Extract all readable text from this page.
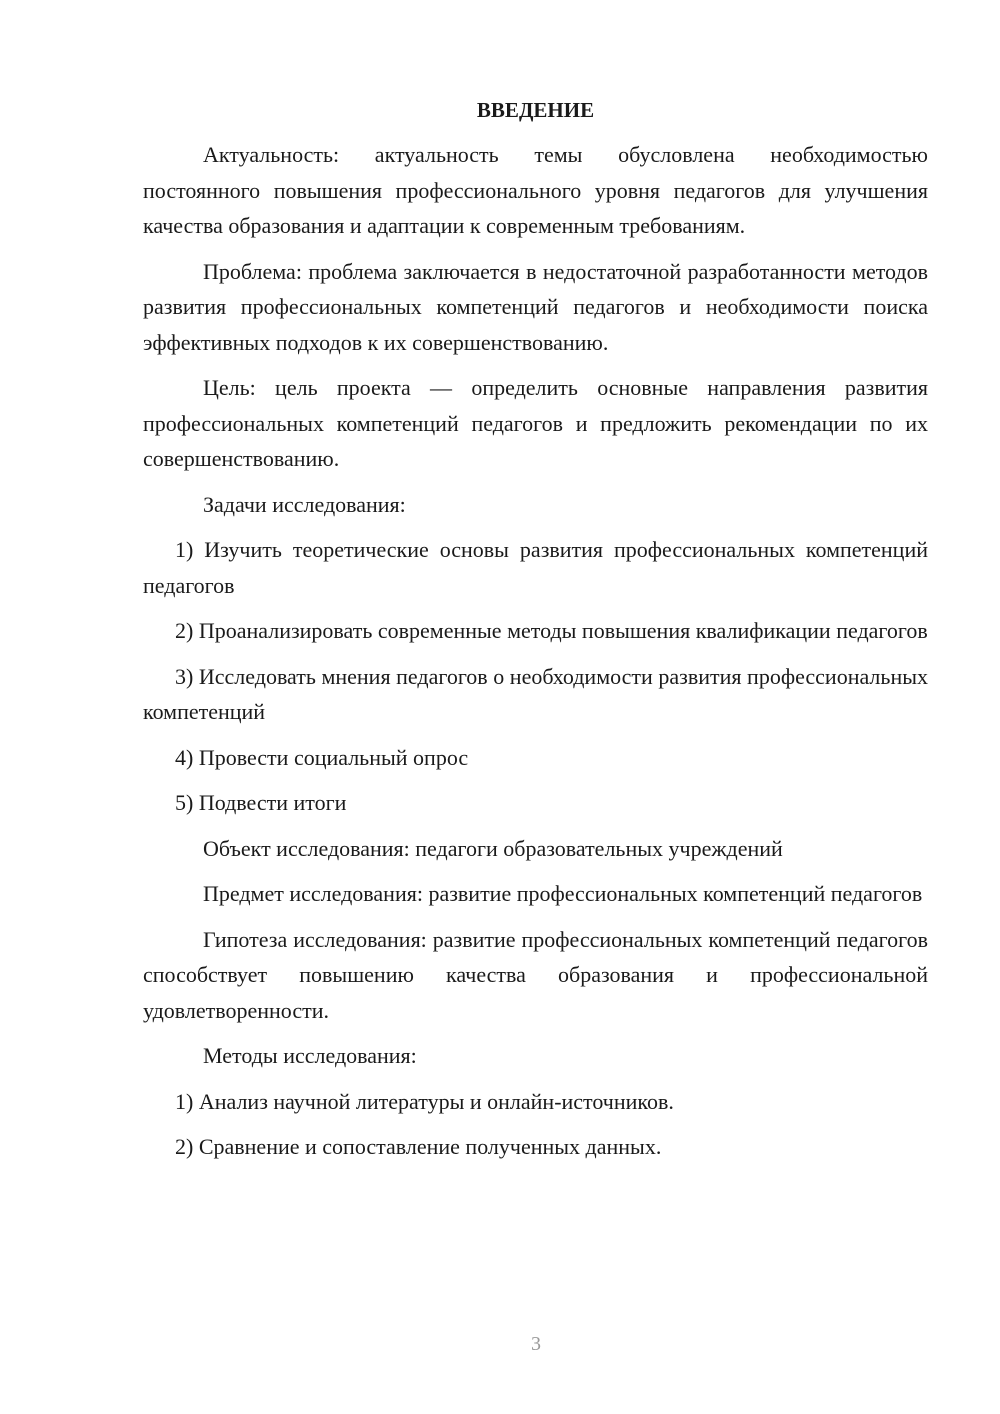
ВВЕДЕНИЕ

Актуальность: актуальность темы обусловлена необходимостью постоянного повышения профессионального уровня педагогов для улучшения качества образования и адаптации к современным требованиям.

Проблема: проблема заключается в недостаточной разработанности методов развития профессиональных компетенций педагогов и необходимости поиска эффективных подходов к их совершенствованию.

Цель: цель проекта — определить основные направления развития профессиональных компетенций педагогов и предложить рекомендации по их совершенствованию.

Задачи исследования:

1) Изучить теоретические основы развития профессиональных компетенций педагогов

2) Проанализировать современные методы повышения квалификации педагогов

3) Исследовать мнения педагогов о необходимости развития профессиональных компетенций

4) Провести социальный опрос

5) Подвести итоги

Объект исследования: педагоги образовательных учреждений

Предмет исследования: развитие профессиональных компетенций педагогов

Гипотеза исследования: развитие профессиональных компетенций педагогов способствует повышению качества образования и профессиональной удовлетворенности.

Методы исследования:

1) Анализ научной литературы и онлайн-источников.

2) Сравнение и сопоставление полученных данных.

3
